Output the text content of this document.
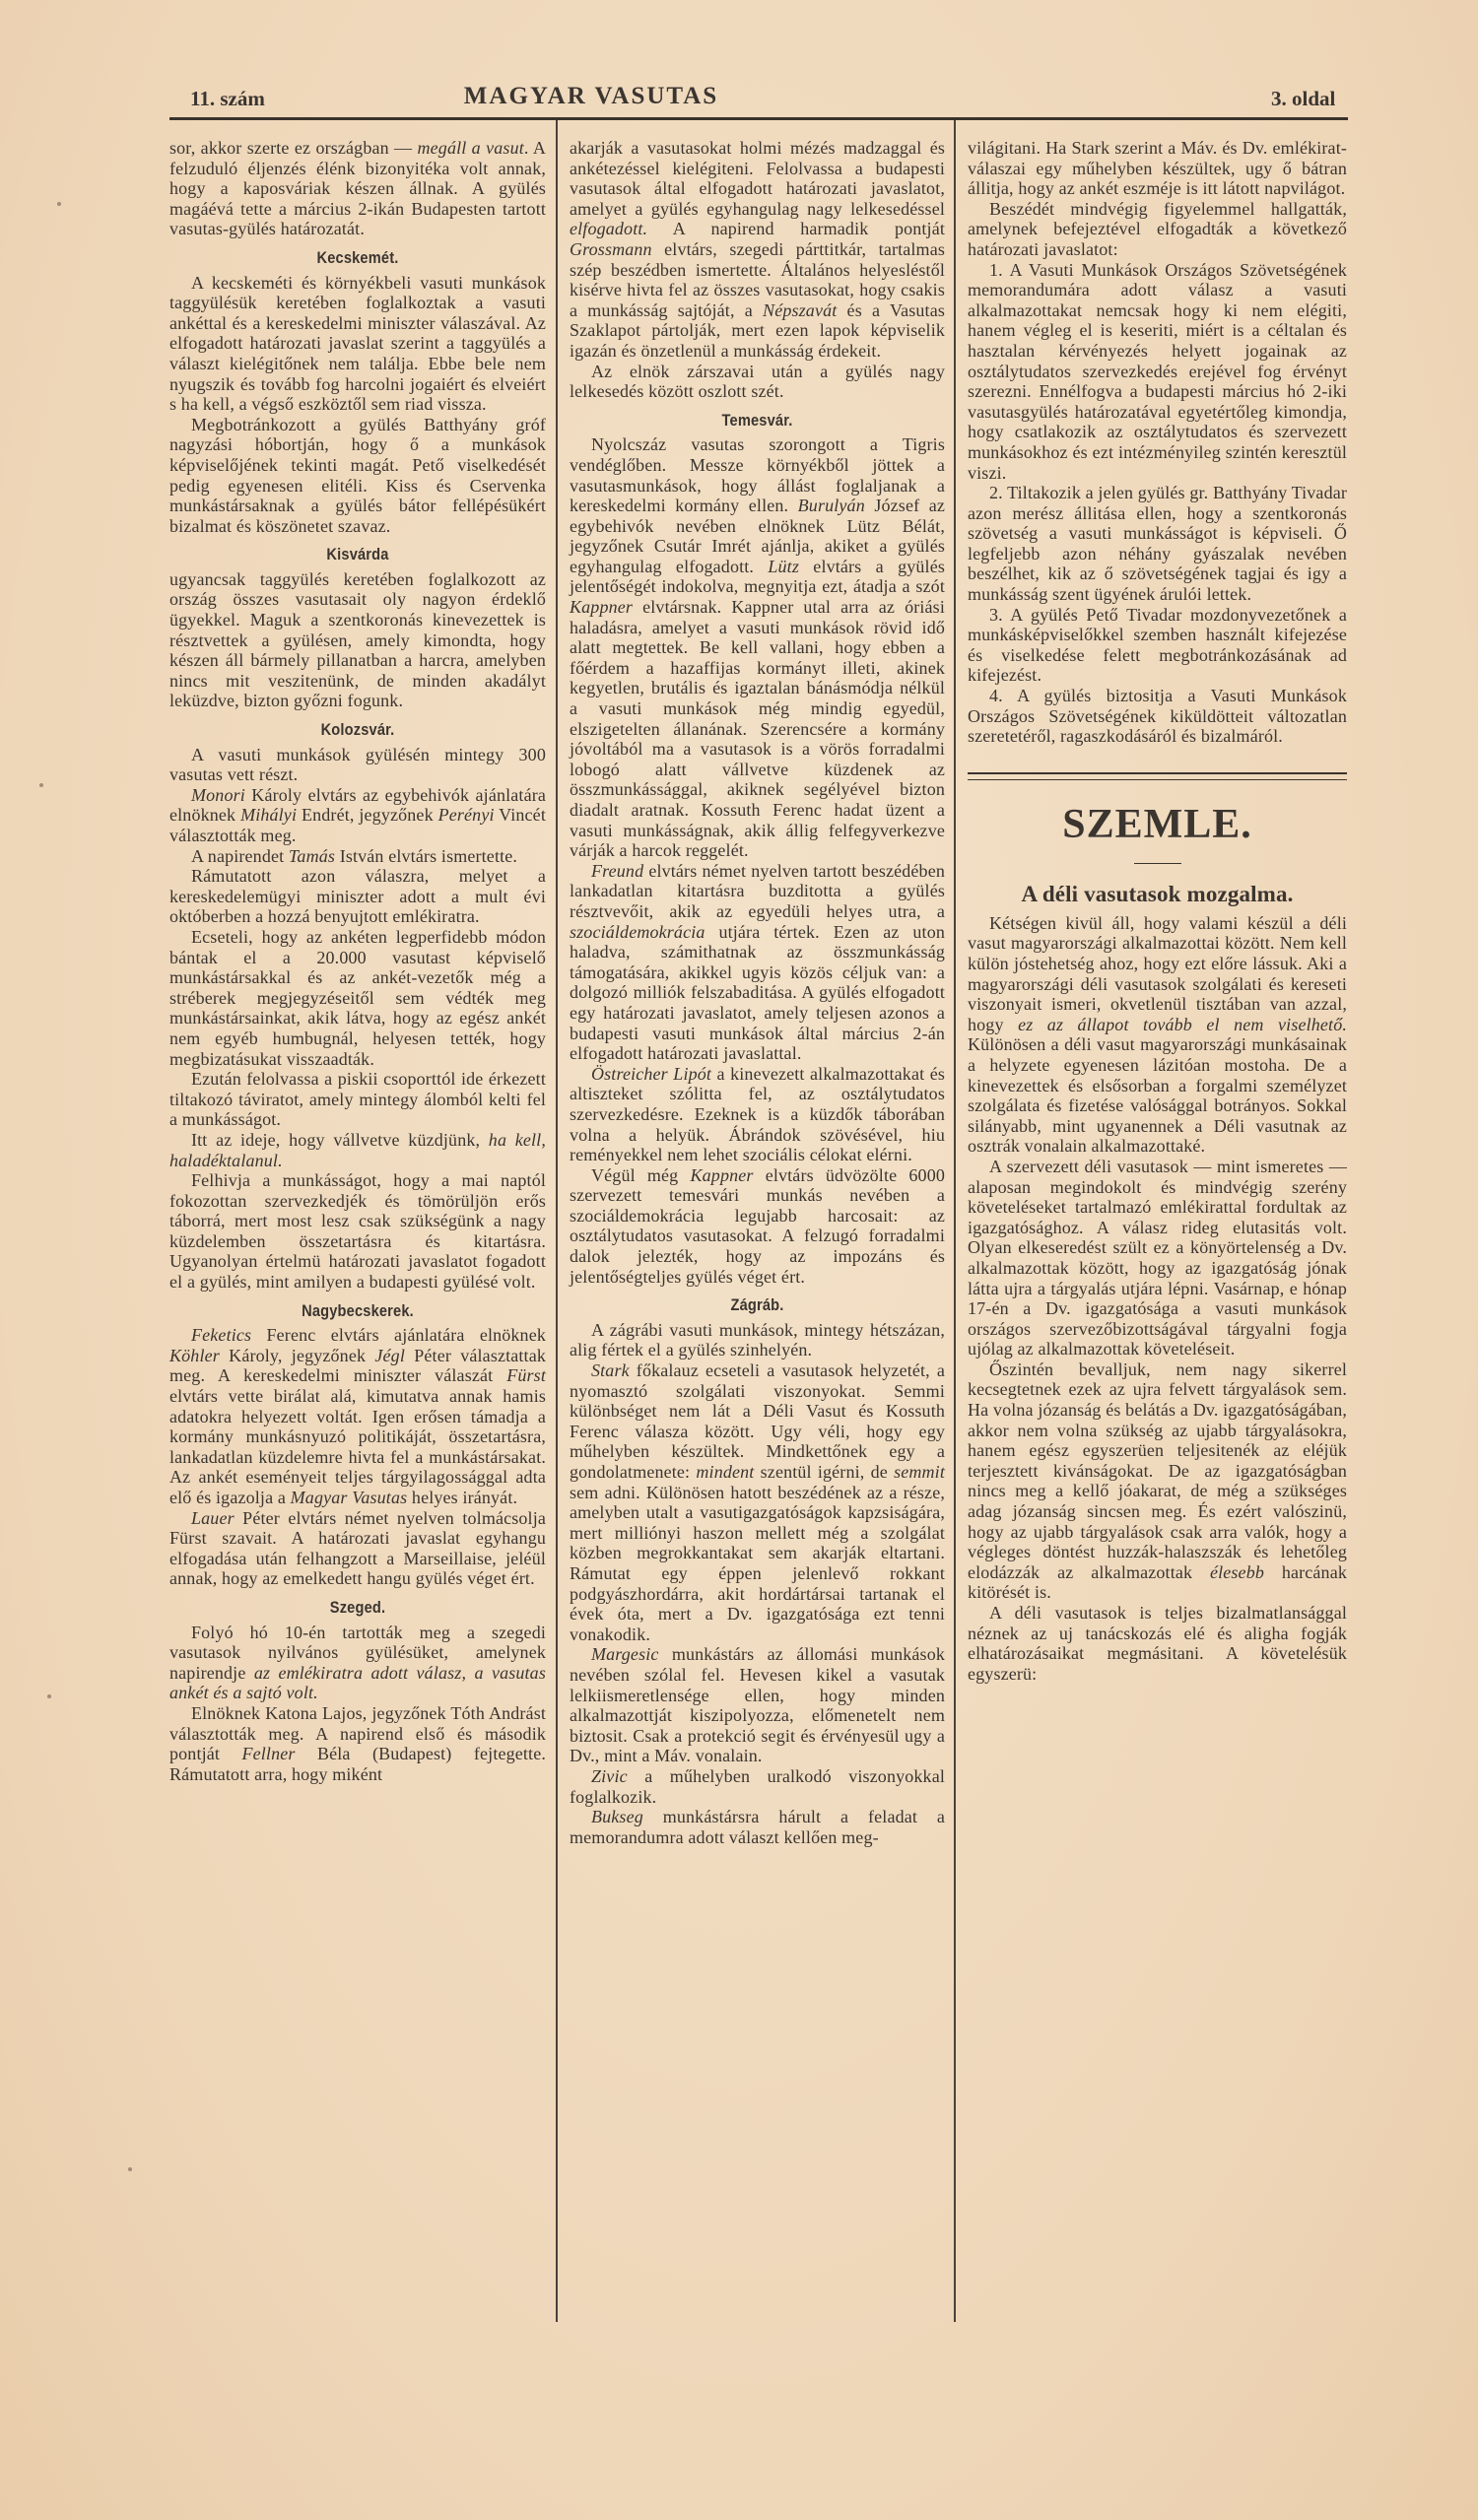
11. szám	MAGYAR VASUTAS	3. oldal

sor, akkor szerte ez országban — megáll a vasut. A felzuduló éljenzés élénk bizonyitéka volt annak, hogy a kaposváriak készen állnak. A gyülés magáévá tette a március 2-ikán Budapesten tartott vasutas-gyülés határozatát.

Kecskemét.

A kecskeméti és környékbeli vasuti munkások taggyülésük keretében foglalkoztak a vasuti ankéttal és a kereskedelmi miniszter válaszával. Az elfogadott határozati javaslat szerint a taggyülés a választ kielégitőnek nem találja. Ebbe bele nem nyugszik és tovább fog harcolni jogaiért és elveiért s ha kell, a végső eszköztől sem riad vissza.

Megbotránkozott a gyülés Batthyány gróf nagyzási hóbortján, hogy ő a munkások képviselőjének tekinti magát. Pető viselkedését pedig egyenesen elitéli. Kiss és Cservenka munkástársaknak a gyülés bátor fellépésükért bizalmat és köszönetet szavaz.

Kisvárda

ugyancsak taggyülés keretében foglalkozott az ország összes vasutasait oly nagyon érdeklő ügyekkel. Maguk a szentkoronás kinevezettek is résztvettek a gyülésen, amely kimondta, hogy készen áll bármely pillanatban a harcra, amelyben nincs mit veszitenünk, de minden akadályt leküzdve, bizton győzni fogunk.

Kolozsvár.

A vasuti munkások gyülésén mintegy 300 vasutas vett részt.

Monori Károly elvtárs az egybehivók ajánlatára elnöknek Mihályi Endrét, jegyzőnek Perényi Vincét választották meg.

A napirendet Tamás István elvtárs ismertette.

Rámutatott azon válaszra, melyet a kereskedelemügyi miniszter adott a mult évi októberben a hozzá benyujtott emlékiratra.

Ecseteli, hogy az ankéten legperfidebb módon bántak el a 20.000 vasutast képviselő munkástársakkal és az ankét-vezetők még a stréberek megjegyzéseitől sem védték meg munkástársainkat, akik látva, hogy az egész ankét nem egyéb humbugnál, helyesen tették, hogy megbizatásukat visszaadták.

Ezután felolvassa a piskii csoporttól ide érkezett tiltakozó táviratot, amely mintegy álomból kelti fel a munkásságot.

Itt az ideje, hogy vállvetve küzdjünk, ha kell, haladéktalanul.

Felhivja a munkásságot, hogy a mai naptól fokozottan szervezkedjék és tömörüljön erős táborrá, mert most lesz csak szükségünk a nagy küzdelemben összetartásra és kitartásra. Ugyanolyan értelmü határozati javaslatot fogadott el a gyülés, mint amilyen a budapesti gyülésé volt.

Nagybecskerek.

Feketics Ferenc elvtárs ajánlatára elnöknek Köhler Károly, jegyzőnek Jégl Péter választattak meg. A kereskedelmi miniszter válaszát Fürst elvtárs vette birálat alá, kimutatva annak hamis adatokra helyezett voltát. Igen erősen támadja a kormány munkásnyuzó politikáját, összetartásra, lankadatlan küzdelemre hivta fel a munkástársakat. Az ankét eseményeit teljes tárgyilagossággal adta elő és igazolja a Magyar Vasutas helyes irányát.

Lauer Péter elvtárs német nyelven tolmácsolja Fürst szavait. A határozati javaslat egyhangu elfogadása után felhangzott a Marseillaise, jeléül annak, hogy az emelkedett hangu gyülés véget ért.

Szeged.

Folyó hó 10-én tartották meg a szegedi vasutasok nyilvános gyülésüket, amelynek napirendje az emlékiratra adott válasz, a vasutas ankét és a sajtó volt.

Elnöknek Katona Lajos, jegyzőnek Tóth Andrást választották meg. A napirend első és második pontját Fellner Béla (Budapest) fejtegette. Rámutatott arra, hogy miként

akarják a vasutasokat holmi mézés madzaggal és ankétezéssel kielégiteni. Felolvassa a budapesti vasutasok által elfogadott határozati javaslatot, amelyet a gyülés egyhangulag nagy lelkesedéssel elfogadott. A napirend harmadik pontját Grossmann elvtárs, szegedi párttitkár, tartalmas szép beszédben ismertette. Általános helyesléstől kisérve hivta fel az összes vasutasokat, hogy csakis a munkásság sajtóját, a Népszavát és a Vasutas Szaklapot pártolják, mert ezen lapok képviselik igazán és önzetlenül a munkásság érdekeit.

Az elnök zárszavai után a gyülés nagy lelkesedés között oszlott szét.

Temesvár.

Nyolcszáz vasutas szorongott a Tigris vendéglőben. Messze környékből jöttek a vasutasmunkások, hogy állást foglaljanak a kereskedelmi kormány ellen. Burulyán József az egybehivók nevében elnöknek Lütz Bélát, jegyzőnek Csutár Imrét ajánlja, akiket a gyülés egyhangulag elfogadott. Lütz elvtárs a gyülés jelentőségét indokolva, megnyitja ezt, átadja a szót Kappner elvtársnak. Kappner utal arra az óriási haladásra, amelyet a vasuti munkások rövid idő alatt megtettek. Be kell vallani, hogy ebben a főérdem a hazaffijas kormányt illeti, akinek kegyetlen, brutális és igaztalan bánásmódja nélkül a vasuti munkások még mindig egyedül, elszigetelten állanának. Szerencsére a kormány jóvoltából ma a vasutasok is a vörös forradalmi lobogó alatt vállvetve küzdenek az összmunkássággal, akiknek segélyével bizton diadalt aratnak. Kossuth Ferenc hadat üzent a vasuti munkásságnak, akik állig felfegyverkezve várják a harcok reggelét.

Freund elvtárs német nyelven tartott beszédében lankadatlan kitartásra buzditotta a gyülés résztvevőit, akik az egyedüli helyes utra, a szociáldemokrácia utjára tértek. Ezen az uton haladva, számithatnak az összmunkásság támogatására, akikkel ugyis közös céljuk van: a dolgozó milliók felszabaditása. A gyülés elfogadott egy határozati javaslatot, amely teljesen azonos a budapesti vasuti munkások által március 2-án elfogadott határozati javaslattal.

Östreicher Lipót a kinevezett alkalmazottakat és altiszteket szólitta fel, az osztálytudatos szervezkedésre. Ezeknek is a küzdők táborában volna a helyük. Ábrándok szövésével, hiu reményekkel nem lehet szociális célokat elérni.

Végül még Kappner elvtárs üdvözölte 6000 szervezett temesvári munkás nevében a szociáldemokrácia legujabb harcosait: az osztálytudatos vasutasokat. A felzugó forradalmi dalok jelezték, hogy az impozáns és jelentőségteljes gyülés véget ért.

Zágráb.

A zágrábi vasuti munkások, mintegy hétszázan, alig fértek el a gyülés szinhelyén.

Stark főkalauz ecseteli a vasutasok helyzetét, a nyomasztó szolgálati viszonyokat. Semmi különbséget nem lát a Déli Vasut és Kossuth Ferenc válasza között. Ugy véli, hogy egy műhelyben készültek. Mindkettőnek egy a gondolatmenete: mindent szentül igérni, de semmit sem adni. Különösen hatott beszédének az a része, amelyben utalt a vasutigazgatóságok kapzsiságára, mert milliónyi haszon mellett még a szolgálat közben megrokkantakat sem akarják eltartani. Rámutat egy éppen jelenlevő rokkant podgyászhordárra, akit hordártársai tartanak el évek óta, mert a Dv. igazgatósága ezt tenni vonakodik.

Margesic munkástárs az állomási munkások nevében szólal fel. Hevesen kikel a vasutak lelkiismeretlensége ellen, hogy minden alkalmazottját kiszipolyozza, előmenetelt nem biztosit. Csak a protekció segit és érvényesül ugy a Dv., mint a Máv. vonalain.

Zivic a műhelyben uralkodó viszonyokkal foglalkozik.

Bukseg munkástársra hárult a feladat a memorandumra adott választ kellően meg-

világitani. Ha Stark szerint a Máv. és Dv. emlékirat-válaszai egy műhelyben készültek, ugy ő bátran állitja, hogy az ankét eszméje is itt látott napvilágot.

Beszédét mindvégig figyelemmel hallgatták, amelynek befejeztével elfogadták a következő határozati javaslatot:

1. A Vasuti Munkások Országos Szövetségének memorandumára adott válasz a vasuti alkalmazottakat nemcsak hogy ki nem elégiti, hanem végleg el is keseriti, miért is a céltalan és hasztalan kérvényezés helyett jogainak az osztálytudatos szervezkedés erejével fog érvényt szerezni. Ennélfogva a budapesti március hó 2-iki vasutasgyülés határozatával egyetértőleg kimondja, hogy csatlakozik az osztálytudatos és szervezett munkásokhoz és ezt intézményileg szintén keresztül viszi.

2. Tiltakozik a jelen gyülés gr. Batthyány Tivadar azon merész állitása ellen, hogy a szentkoronás szövetség a vasuti munkásságot is képviseli. Ő legfeljebb azon néhány gyászalak nevében beszélhet, kik az ő szövetségének tagjai és igy a munkásság szent ügyének árulói lettek.

3. A gyülés Pető Tivadar mozdonyvezetőnek a munkásképviselőkkel szemben használt kifejezése és viselkedése felett megbotránkozásának ad kifejezést.

4. A gyülés biztositja a Vasuti Munkások Országos Szövetségének kiküldötteit változatlan szeretetéről, ragaszkodásáról és bizalmáról.

SZEMLE.
A déli vasutasok mozgalma.

Kétségen kivül áll, hogy valami készül a déli vasut magyarországi alkalmazottai között. Nem kell külön jóstehetség ahoz, hogy ezt előre lássuk. Aki a magyarországi déli vasutasok szolgálati és kereseti viszonyait ismeri, okvetlenül tisztában van azzal, hogy ez az állapot tovább el nem viselhető. Különösen a déli vasut magyarországi munkásainak a helyzete egyenesen lázitóan mostoha. De a kinevezettek és elsősorban a forgalmi személyzet szolgálata és fizetése valósággal botrányos. Sokkal silányabb, mint ugyanennek a Déli vasutnak az osztrák vonalain alkalmazottaké.

A szervezett déli vasutasok — mint ismeretes — alaposan megindokolt és mindvégig szerény követeléseket tartalmazó emlékirattal fordultak az igazgatósághoz. A válasz rideg elutasitás volt. Olyan elkeseredést szült ez a könyörtelenség a Dv. alkalmazottak között, hogy az igazgatóság jónak látta ujra a tárgyalás utjára lépni. Vasárnap, e hónap 17-én a Dv. igazgatósága a vasuti munkások országos szervezőbizottságával tárgyalni fogja ujólag az alkalmazottak követeléseit.

Őszintén bevalljuk, nem nagy sikerrel kecsegtetnek ezek az ujra felvett tárgyalások sem. Ha volna józanság és belátás a Dv. igazgatóságában, akkor nem volna szükség az ujabb tárgyalásokra, hanem egész egyszerüen teljesitenék az eléjük terjesztett kivánságokat. De az igazgatóságban nincs meg a kellő jóakarat, de még a szükséges adag józanság sincsen meg. És ezért valószinü, hogy az ujabb tárgyalások csak arra valók, hogy a végleges döntést huzzák-halaszszák és lehetőleg elodázzák az alkalmazottak élesebb harcának kitörését is.

A déli vasutasok is teljes bizalmatlansággal néznek az uj tanácskozás elé és aligha fogják elhatározásaikat megmásitani. A követelésük egyszerü:
